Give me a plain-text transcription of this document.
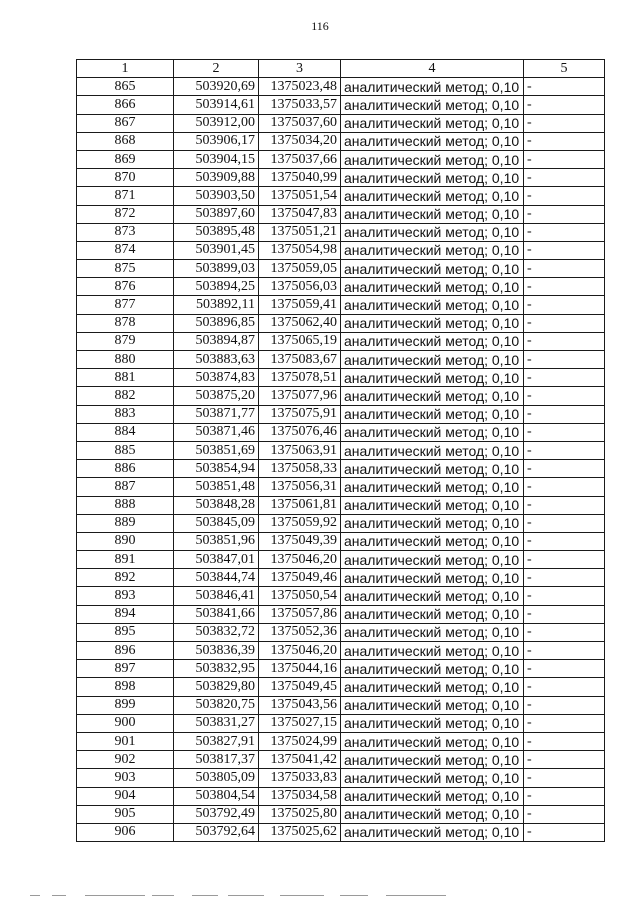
116
1	2	3	4	5
865	503920,69	1375023,48	аналитический метод; 0,10	-
866	503914,61	1375033,57	аналитический метод; 0,10	-
867	503912,00	1375037,60	аналитический метод; 0,10	-
868	503906,17	1375034,20	аналитический метод; 0,10	-
869	503904,15	1375037,66	аналитический метод; 0,10	-
870	503909,88	1375040,99	аналитический метод; 0,10	-
871	503903,50	1375051,54	аналитический метод; 0,10	-
872	503897,60	1375047,83	аналитический метод; 0,10	-
873	503895,48	1375051,21	аналитический метод; 0,10	-
874	503901,45	1375054,98	аналитический метод; 0,10	-
875	503899,03	1375059,05	аналитический метод; 0,10	-
876	503894,25	1375056,03	аналитический метод; 0,10	-
877	503892,11	1375059,41	аналитический метод; 0,10	-
878	503896,85	1375062,40	аналитический метод; 0,10	-
879	503894,87	1375065,19	аналитический метод; 0,10	-
880	503883,63	1375083,67	аналитический метод; 0,10	-
881	503874,83	1375078,51	аналитический метод; 0,10	-
882	503875,20	1375077,96	аналитический метод; 0,10	-
883	503871,77	1375075,91	аналитический метод; 0,10	-
884	503871,46	1375076,46	аналитический метод; 0,10	-
885	503851,69	1375063,91	аналитический метод; 0,10	-
886	503854,94	1375058,33	аналитический метод; 0,10	-
887	503851,48	1375056,31	аналитический метод; 0,10	-
888	503848,28	1375061,81	аналитический метод; 0,10	-
889	503845,09	1375059,92	аналитический метод; 0,10	-
890	503851,96	1375049,39	аналитический метод; 0,10	-
891	503847,01	1375046,20	аналитический метод; 0,10	-
892	503844,74	1375049,46	аналитический метод; 0,10	-
893	503846,41	1375050,54	аналитический метод; 0,10	-
894	503841,66	1375057,86	аналитический метод; 0,10	-
895	503832,72	1375052,36	аналитический метод; 0,10	-
896	503836,39	1375046,20	аналитический метод; 0,10	-
897	503832,95	1375044,16	аналитический метод; 0,10	-
898	503829,80	1375049,45	аналитический метод; 0,10	-
899	503820,75	1375043,56	аналитический метод; 0,10	-
900	503831,27	1375027,15	аналитический метод; 0,10	-
901	503827,91	1375024,99	аналитический метод; 0,10	-
902	503817,37	1375041,42	аналитический метод; 0,10	-
903	503805,09	1375033,83	аналитический метод; 0,10	-
904	503804,54	1375034,58	аналитический метод; 0,10	-
905	503792,49	1375025,80	аналитический метод; 0,10	-
906	503792,64	1375025,62	аналитический метод; 0,10	-
